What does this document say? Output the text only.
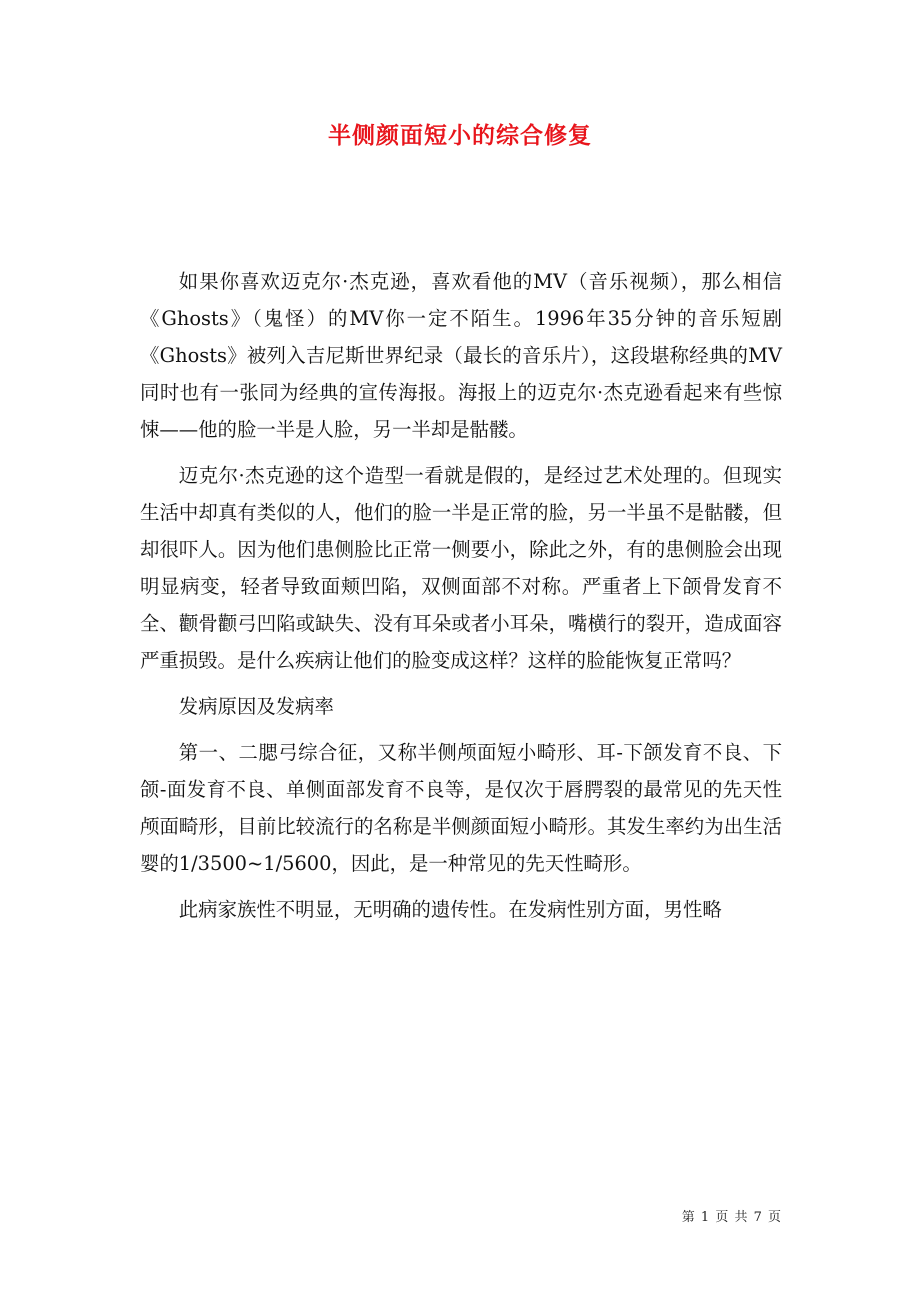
半侧颜面短小的综合修复

如果你喜欢迈克尔·杰克逊，喜欢看他的MV（音乐视频），那么相信《Ghosts》（鬼怪）的MV你一定不陌生。1996年35分钟的音乐短剧《Ghosts》被列入吉尼斯世界纪录（最长的音乐片），这段堪称经典的MV同时也有一张同为经典的宣传海报。海报上的迈克尔·杰克逊看起来有些惊悚——他的脸一半是人脸，另一半却是骷髅。

迈克尔·杰克逊的这个造型一看就是假的，是经过艺术处理的。但现实生活中却真有类似的人，他们的脸一半是正常的脸，另一半虽不是骷髅，但却很吓人。因为他们患侧脸比正常一侧要小，除此之外，有的患侧脸会出现明显病变，轻者导致面颊凹陷，双侧面部不对称。严重者上下颌骨发育不全、颧骨颧弓凹陷或缺失、没有耳朵或者小耳朵，嘴横行的裂开，造成面容严重损毁。是什么疾病让他们的脸变成这样？这样的脸能恢复正常吗？

发病原因及发病率

第一、二腮弓综合征，又称半侧颅面短小畸形、耳-下颌发育不良、下颌-面发育不良、单侧面部发育不良等，是仅次于唇腭裂的最常见的先天性颅面畸形，目前比较流行的名称是半侧颜面短小畸形。其发生率约为出生活婴的1/3500~1/5600，因此，是一种常见的先天性畸形。

此病家族性不明显，无明确的遗传性。在发病性别方面，男性略

第 1 页 共 7 页
